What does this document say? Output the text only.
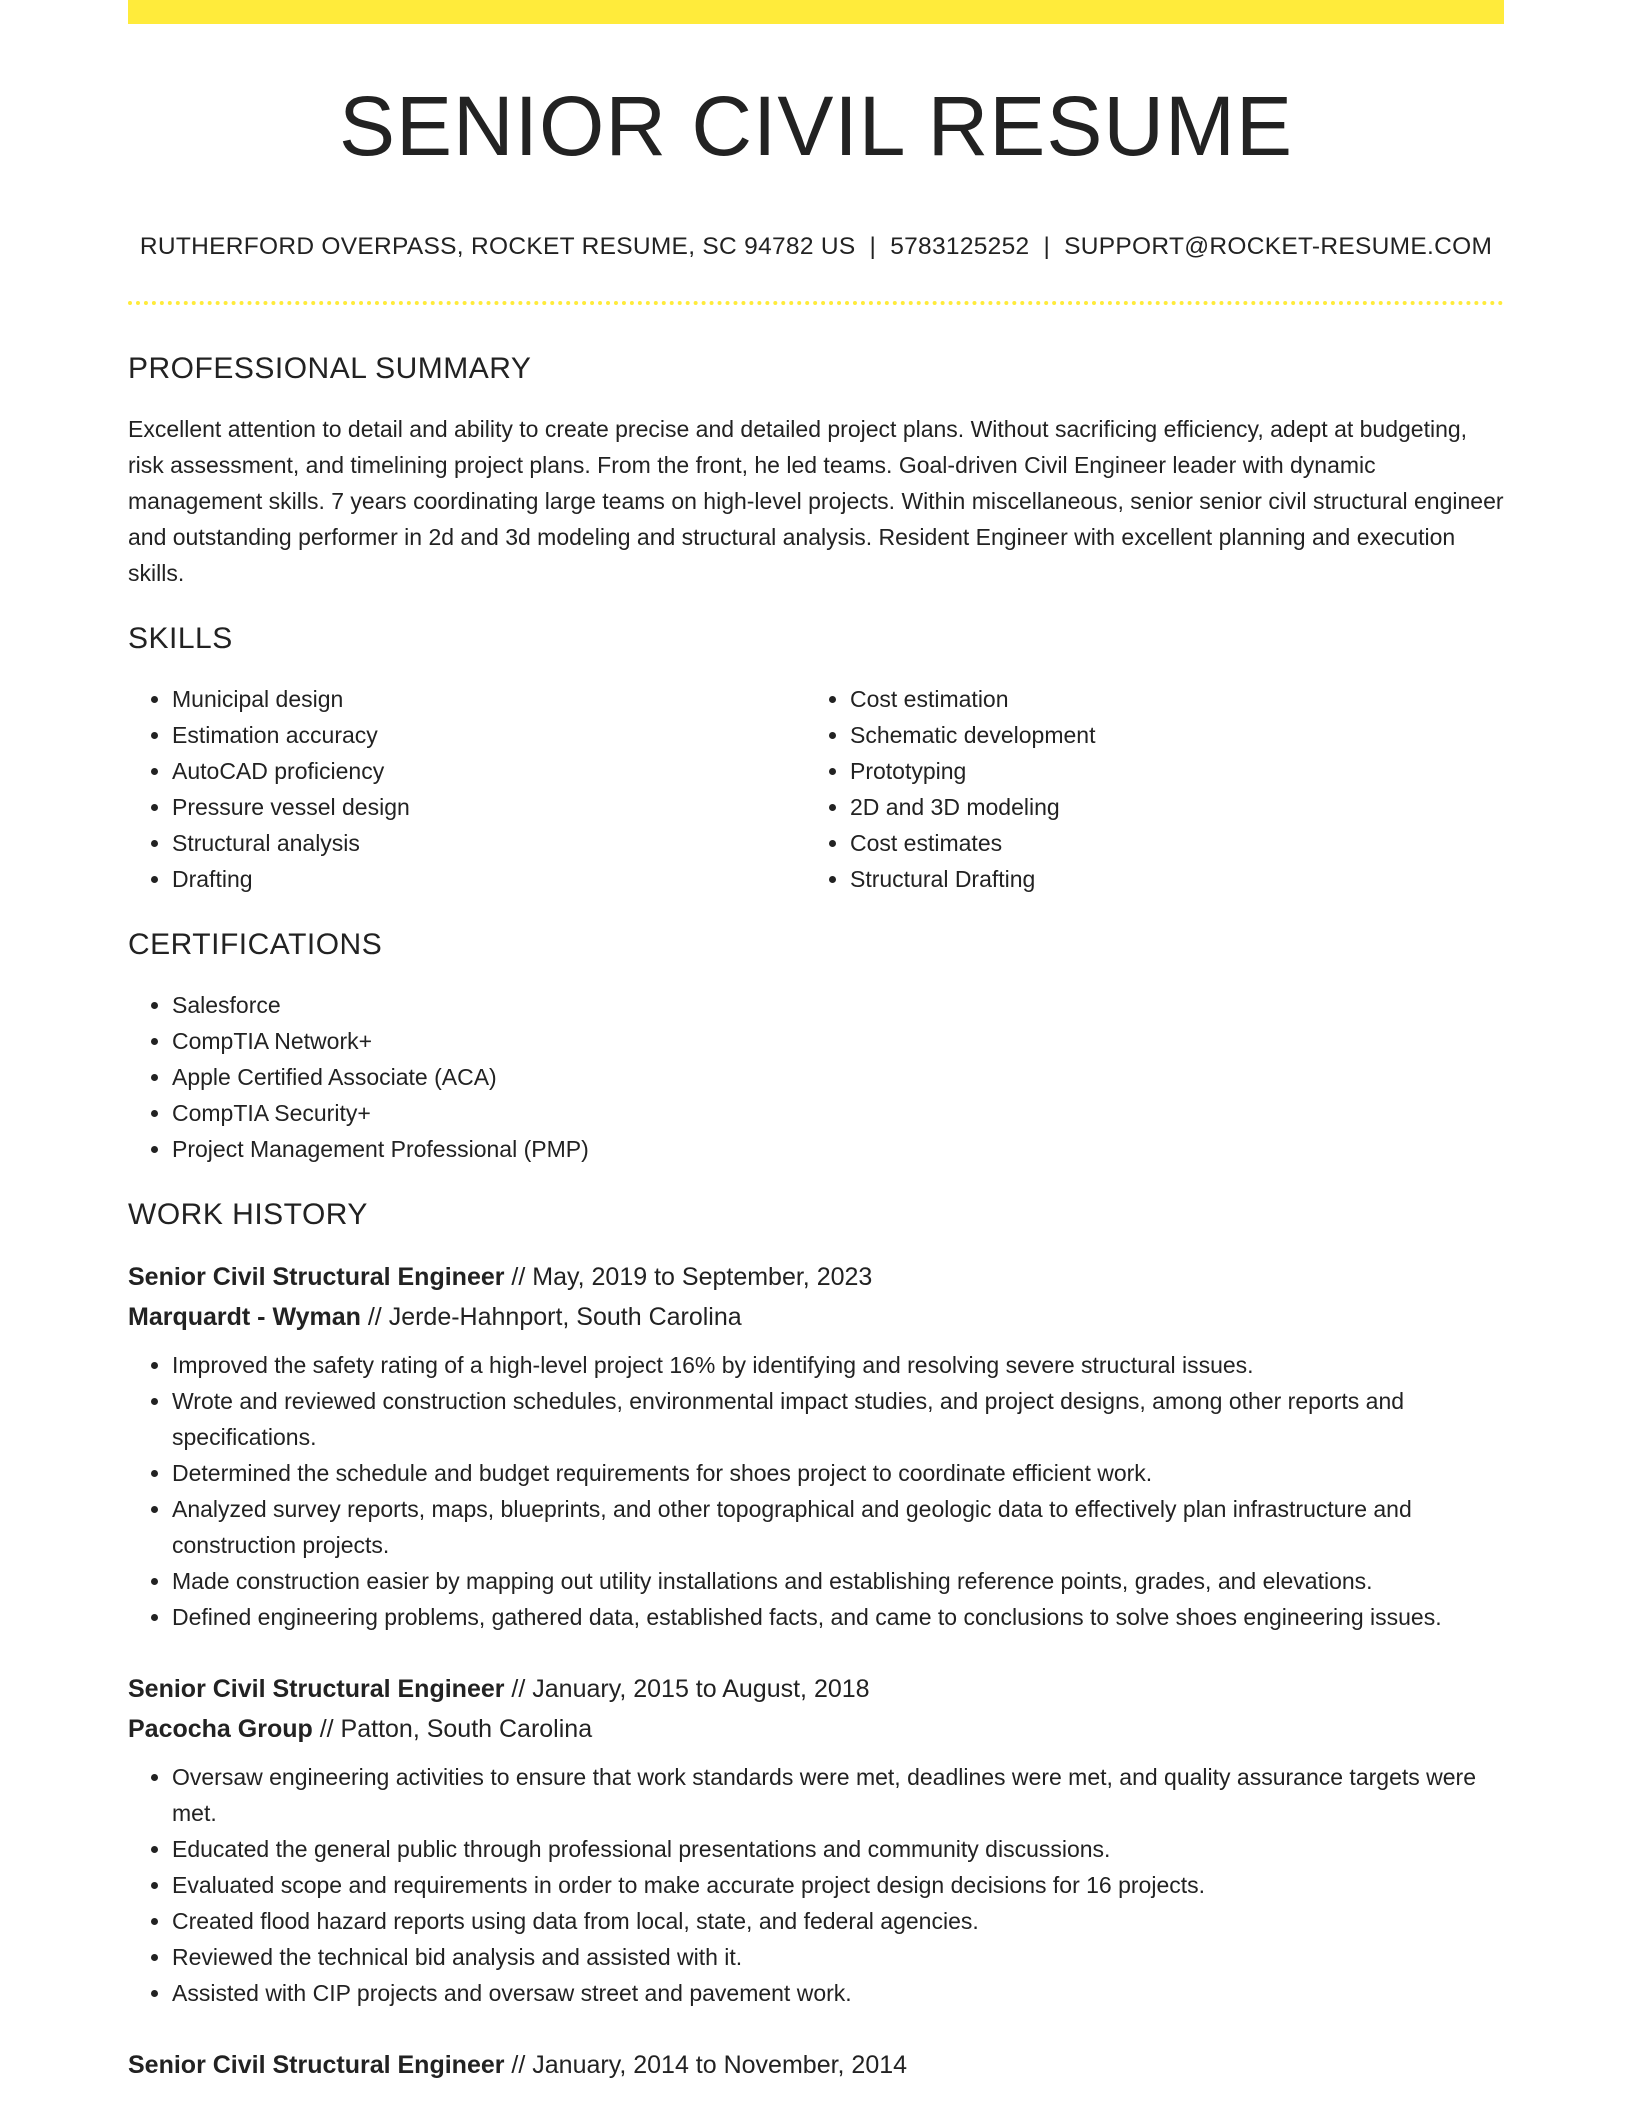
SENIOR CIVIL RESUME
RUTHERFORD OVERPASS, ROCKET RESUME, SC 94782 US | 5783125252 | SUPPORT@ROCKET-RESUME.COM
PROFESSIONAL SUMMARY

Excellent attention to detail and ability to create precise and detailed project plans. Without sacrificing efficiency, adept at budgeting, risk assessment, and timelining project plans. From the front, he led teams. Goal-driven Civil Engineer leader with dynamic management skills. 7 years coordinating large teams on high-level projects. Within miscellaneous, senior senior civil structural engineer and outstanding performer in 2d and 3d modeling and structural analysis. Resident Engineer with excellent planning and execution skills.

SKILLS
• Municipal design
• Estimation accuracy
• AutoCAD proficiency
• Pressure vessel design
• Structural analysis
• Drafting
• Cost estimation
• Schematic development
• Prototyping
• 2D and 3D modeling
• Cost estimates
• Structural Drafting
CERTIFICATIONS
• Salesforce
• CompTIA Network+
• Apple Certified Associate (ACA)
• CompTIA Security+
• Project Management Professional (PMP)
WORK HISTORY
Senior Civil Structural Engineer // May, 2019 to September, 2023
Marquardt - Wyman // Jerde-Hahnport, South Carolina
• Improved the safety rating of a high-level project 16% by identifying and resolving severe structural issues.
• Wrote and reviewed construction schedules, environmental impact studies, and project designs, among other reports and specifications.
• Determined the schedule and budget requirements for shoes project to coordinate efficient work.
• Analyzed survey reports, maps, blueprints, and other topographical and geologic data to effectively plan infrastructure and construction projects.
• Made construction easier by mapping out utility installations and establishing reference points, grades, and elevations.
• Defined engineering problems, gathered data, established facts, and came to conclusions to solve shoes engineering issues.
Senior Civil Structural Engineer // January, 2015 to August, 2018
Pacocha Group // Patton, South Carolina
• Oversaw engineering activities to ensure that work standards were met, deadlines were met, and quality assurance targets were met.
• Educated the general public through professional presentations and community discussions.
• Evaluated scope and requirements in order to make accurate project design decisions for 16 projects.
• Created flood hazard reports using data from local, state, and federal agencies.
• Reviewed the technical bid analysis and assisted with it.
• Assisted with CIP projects and oversaw street and pavement work.
Senior Civil Structural Engineer // January, 2014 to November, 2014
